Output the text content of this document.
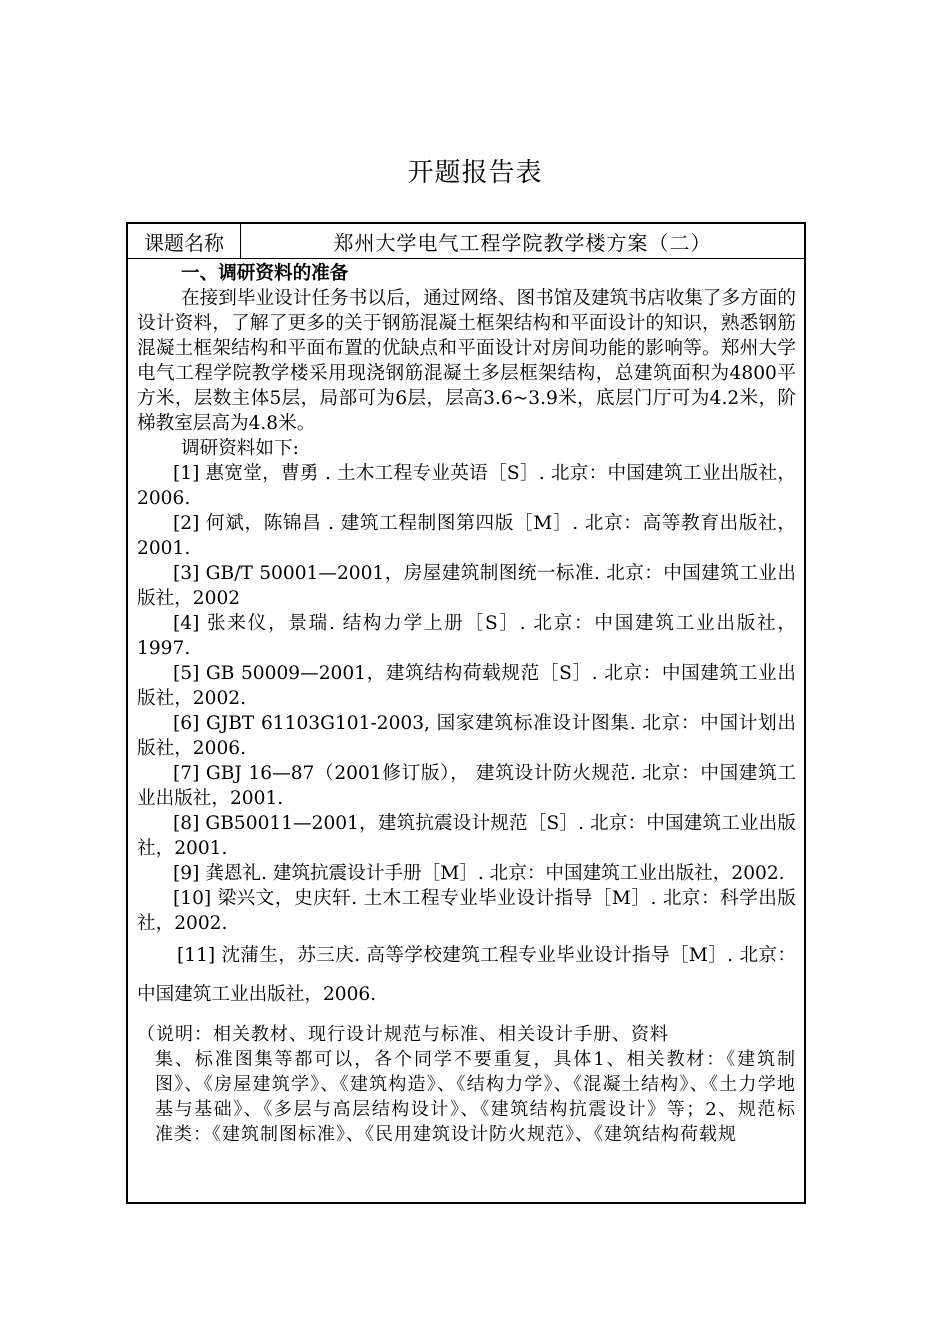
开题报告表
课题名称	郑州大学电气工程学院教学楼方案（二）

一、调研资料的准备

在接到毕业设计任务书以后，通过网络、图书馆及建筑书店收集了多方面的设计资料，了解了更多的关于钢筋混凝土框架结构和平面设计的知识，熟悉钢筋混凝土框架结构和平面布置的优缺点和平面设计对房间功能的影响等。郑州大学电气工程学院教学楼采用现浇钢筋混凝土多层框架结构，总建筑面积为4800平方米，层数主体5层，局部可为6层，层高3.6~3.9米，底层门厅可为4.2米，阶梯教室层高为4.8米。

调研资料如下:

[1] 惠宽堂，曹勇 . 土木工程专业英语［S］. 北京：中国建筑工业出版社，2006.

[2] 何斌，陈锦昌 . 建筑工程制图第四版［M］. 北京：高等教育出版社，2001.

[3] GB/T 50001—2001，房屋建筑制图统一标准. 北京：中国建筑工业出版社，2002

[4] 张来仪，景瑞. 结构力学上册［S］. 北京：中国建筑工业出版社，1997.

[5] GB 50009—2001，建筑结构荷载规范［S］. 北京：中国建筑工业出版社，2002.

[6] GJBT 61103G101-2003, 国家建筑标准设计图集. 北京：中国计划出版社，2006.

[7] GBJ 16—87（2001修订版）， 建筑设计防火规范. 北京：中国建筑工业出版社，2001.

[8] GB50011—2001，建筑抗震设计规范［S］. 北京：中国建筑工业出版社，2001.

[9] 龚恩礼. 建筑抗震设计手册［M］. 北京：中国建筑工业出版社，2002.

[10] 梁兴文，史庆轩. 土木工程专业毕业设计指导［M］. 北京：科学出版社，2002.

[11] 沈蒲生，苏三庆. 高等学校建筑工程专业毕业设计指导［M］. 北京：中国建筑工业出版社，2006.

（说明：相关教材、现行设计规范与标准、相关设计手册、资料
集、标准图集等都可以，各个同学不要重复，具体1、相关教材：《建筑制图》、《房屋建筑学》、《建筑构造》、《结构力学》、《混凝土结构》、《土力学地基与基础》、《多层与高层结构设计》、《建筑结构抗震设计》等；2、规范标准类：《建筑制图标准》、《民用建筑设计防火规范》、《建筑结构荷载规
